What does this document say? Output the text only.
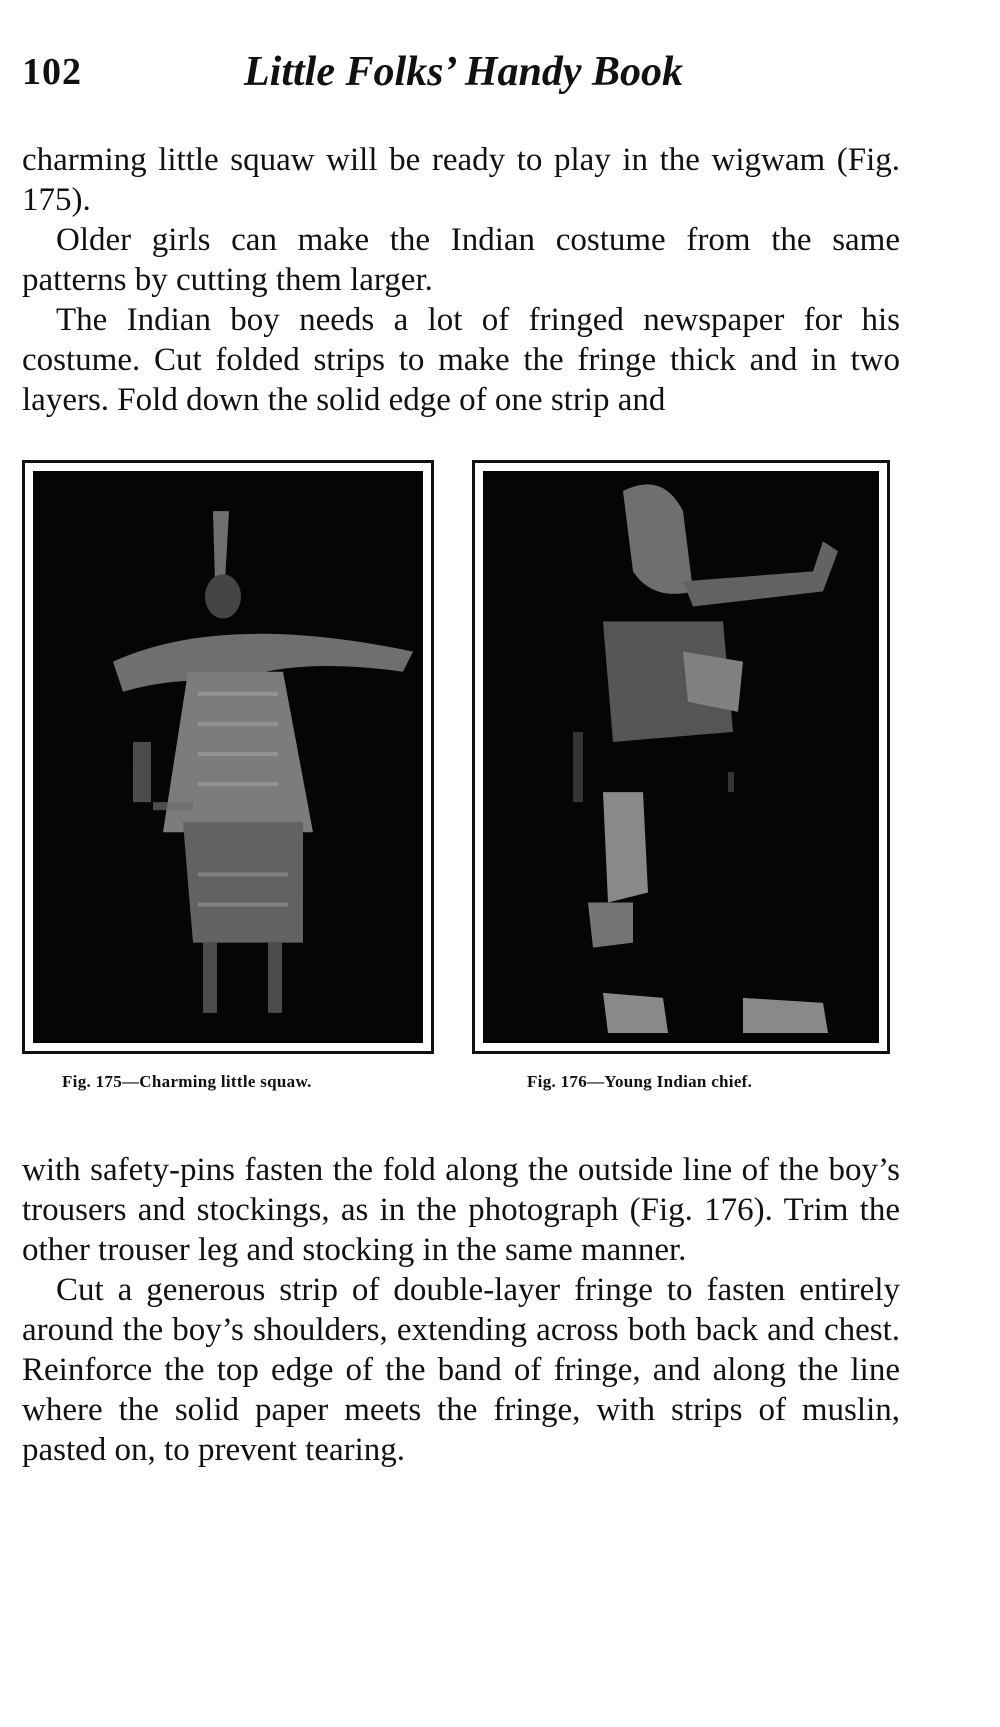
102	Little Folks’ Handy Book

charming little squaw will be ready to play in the wigwam (Fig. 175).

Older girls can make the Indian costume from the same patterns by cutting them larger.

The Indian boy needs a lot of fringed newspaper for his costume. Cut folded strips to make the fringe thick and in two layers. Fold down the solid edge of one strip and

Fig. 175—Charming little squaw.	Fig. 176—Young Indian chief.

with safety-pins fasten the fold along the outside line of the boy’s trousers and stockings, as in the photograph (Fig. 176). Trim the other trouser leg and stocking in the same manner.

Cut a generous strip of double-layer fringe to fasten entirely around the boy’s shoulders, extending across both back and chest. Reinforce the top edge of the band of fringe, and along the line where the solid paper meets the fringe, with strips of muslin, pasted on, to prevent tearing.
